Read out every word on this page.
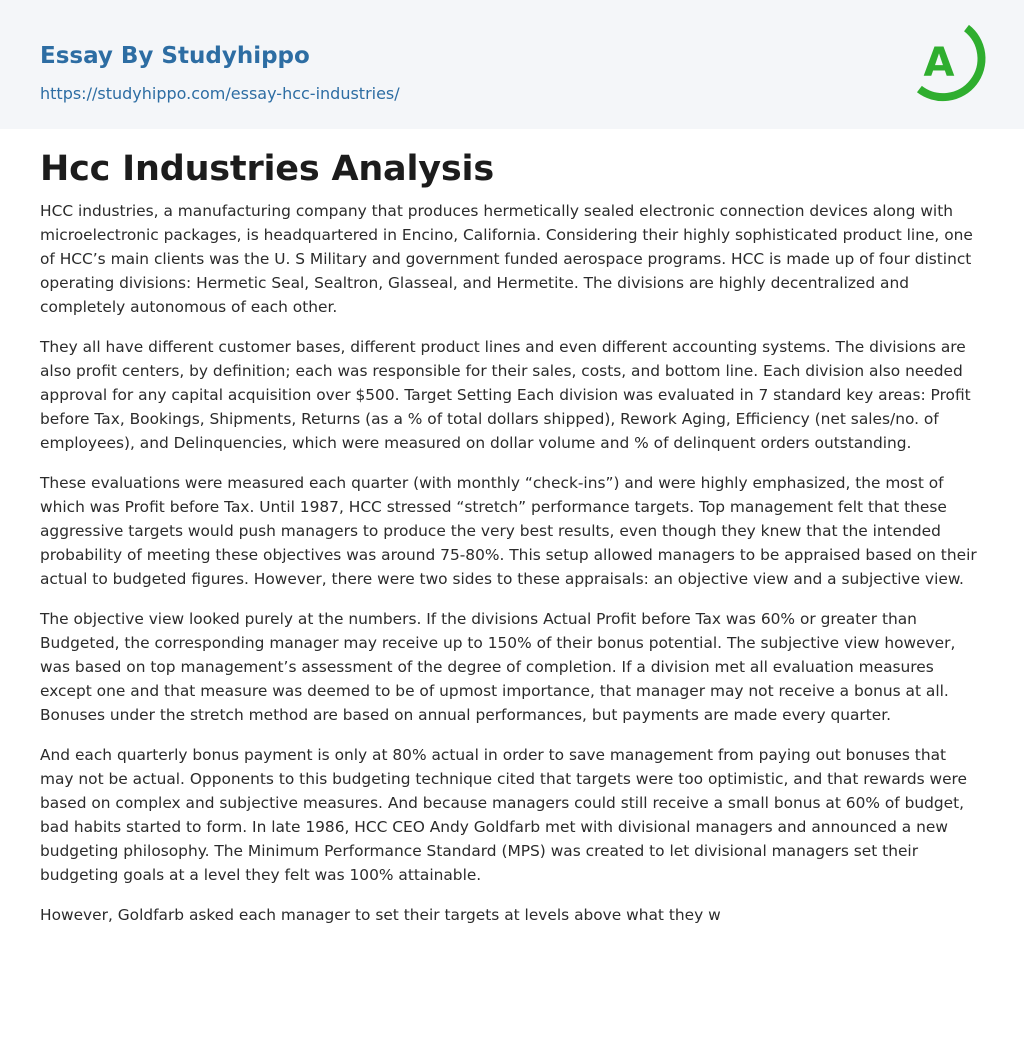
Essay By Studyhippo
https://studyhippo.com/essay-hcc-industries/
A
Hcc Industries Analysis

HCC industries, a manufacturing company that produces hermetically sealed electronic connection devices along with microelectronic packages, is headquartered in Encino, California. Considering their highly sophisticated product line, one of HCC’s main clients was the U. S Military and government funded aerospace programs. HCC is made up of four distinct operating divisions: Hermetic Seal, Sealtron, Glasseal, and Hermetite. The divisions are highly decentralized and completely autonomous of each other.

They all have different customer bases, different product lines and even different accounting systems. The divisions are also profit centers, by definition; each was responsible for their sales, costs, and bottom line. Each division also needed approval for any capital acquisition over $500. Target Setting Each division was evaluated in 7 standard key areas: Profit before Tax, Bookings, Shipments, Returns (as a % of total dollars shipped), Rework Aging, Efficiency (net sales/no. of employees), and Delinquencies, which were measured on dollar volume and % of delinquent orders outstanding.

These evaluations were measured each quarter (with monthly “check-ins”) and were highly emphasized, the most of which was Profit before Tax. Until 1987, HCC stressed “stretch” performance targets. Top management felt that these aggressive targets would push managers to produce the very best results, even though they knew that the intended probability of meeting these objectives was around 75-80%. This setup allowed managers to be appraised based on their actual to budgeted figures. However, there were two sides to these appraisals: an objective view and a subjective view.

The objective view looked purely at the numbers. If the divisions Actual Profit before Tax was 60% or greater than Budgeted, the corresponding manager may receive up to 150% of their bonus potential. The subjective view however, was based on top management’s assessment of the degree of completion. If a division met all evaluation measures except one and that measure was deemed to be of upmost importance, that manager may not receive a bonus at all. Bonuses under the stretch method are based on annual performances, but payments are made every quarter.

And each quarterly bonus payment is only at 80% actual in order to save management from paying out bonuses that may not be actual. Opponents to this budgeting technique cited that targets were too optimistic, and that rewards were based on complex and subjective measures. And because managers could still receive a small bonus at 60% of budget, bad habits started to form. In late 1986, HCC CEO Andy Goldfarb met with divisional managers and announced a new budgeting philosophy. The Minimum Performance Standard (MPS) was created to let divisional managers set their budgeting goals at a level they felt was 100% attainable.

However, Goldfarb asked each manager to set their targets at levels above what they w
